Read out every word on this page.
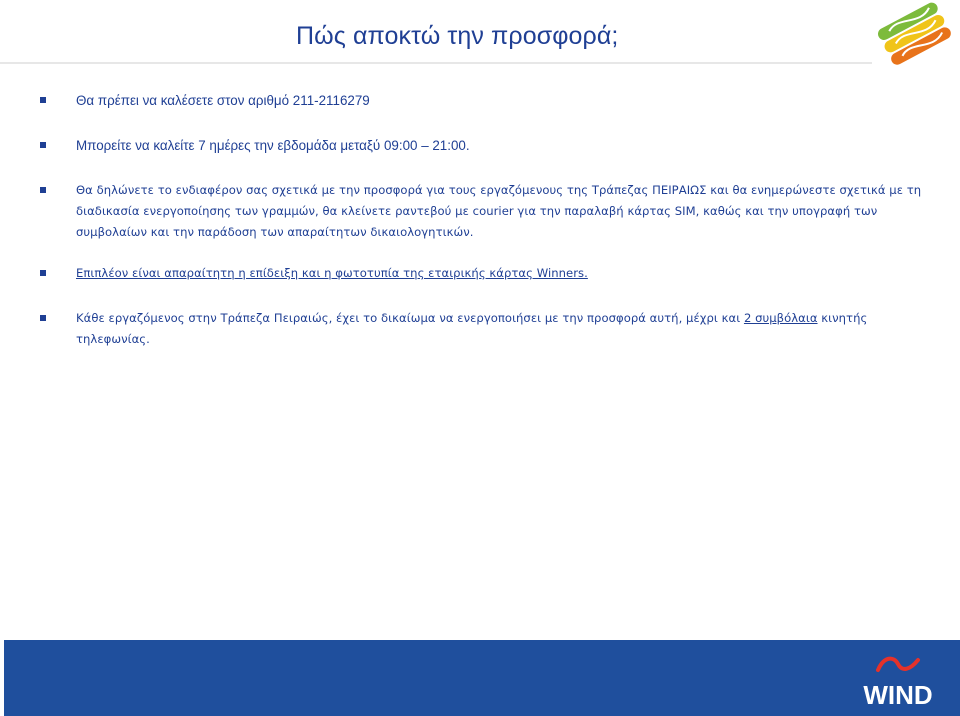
Πώς αποκτώ την προσφορά;
Θα πρέπει να καλέσετε στον αριθμό 211-2116279
Μπορείτε να καλείτε 7 ημέρες την εβδομάδα μεταξύ 09:00 – 21:00.
Θα δηλώνετε το ενδιαφέρον σας σχετικά με την προσφορά για τους εργαζόμενους της Τράπεζας ΠΕΙΡΑΙΩΣ και θα ενημερώνεστε σχετικά με τη διαδικασία ενεργοποίησης των γραμμών, θα κλείνετε ραντεβού με courier για την παραλαβή κάρτας SIM, καθώς και την υπογραφή των συμβολαίων και την παράδοση των απαραίτητων δικαιολογητικών.
Επιπλέον είναι απαραίτητη η επίδειξη και η φωτοτυπία της εταιρικής κάρτας Winners.
Κάθε εργαζόμενος στην Τράπεζα Πειραιώς, έχει το δικαίωμα να ενεργοποιήσει με την προσφορά αυτή, μέχρι και 2 συμβόλαια κινητής τηλεφωνίας.
WIND
